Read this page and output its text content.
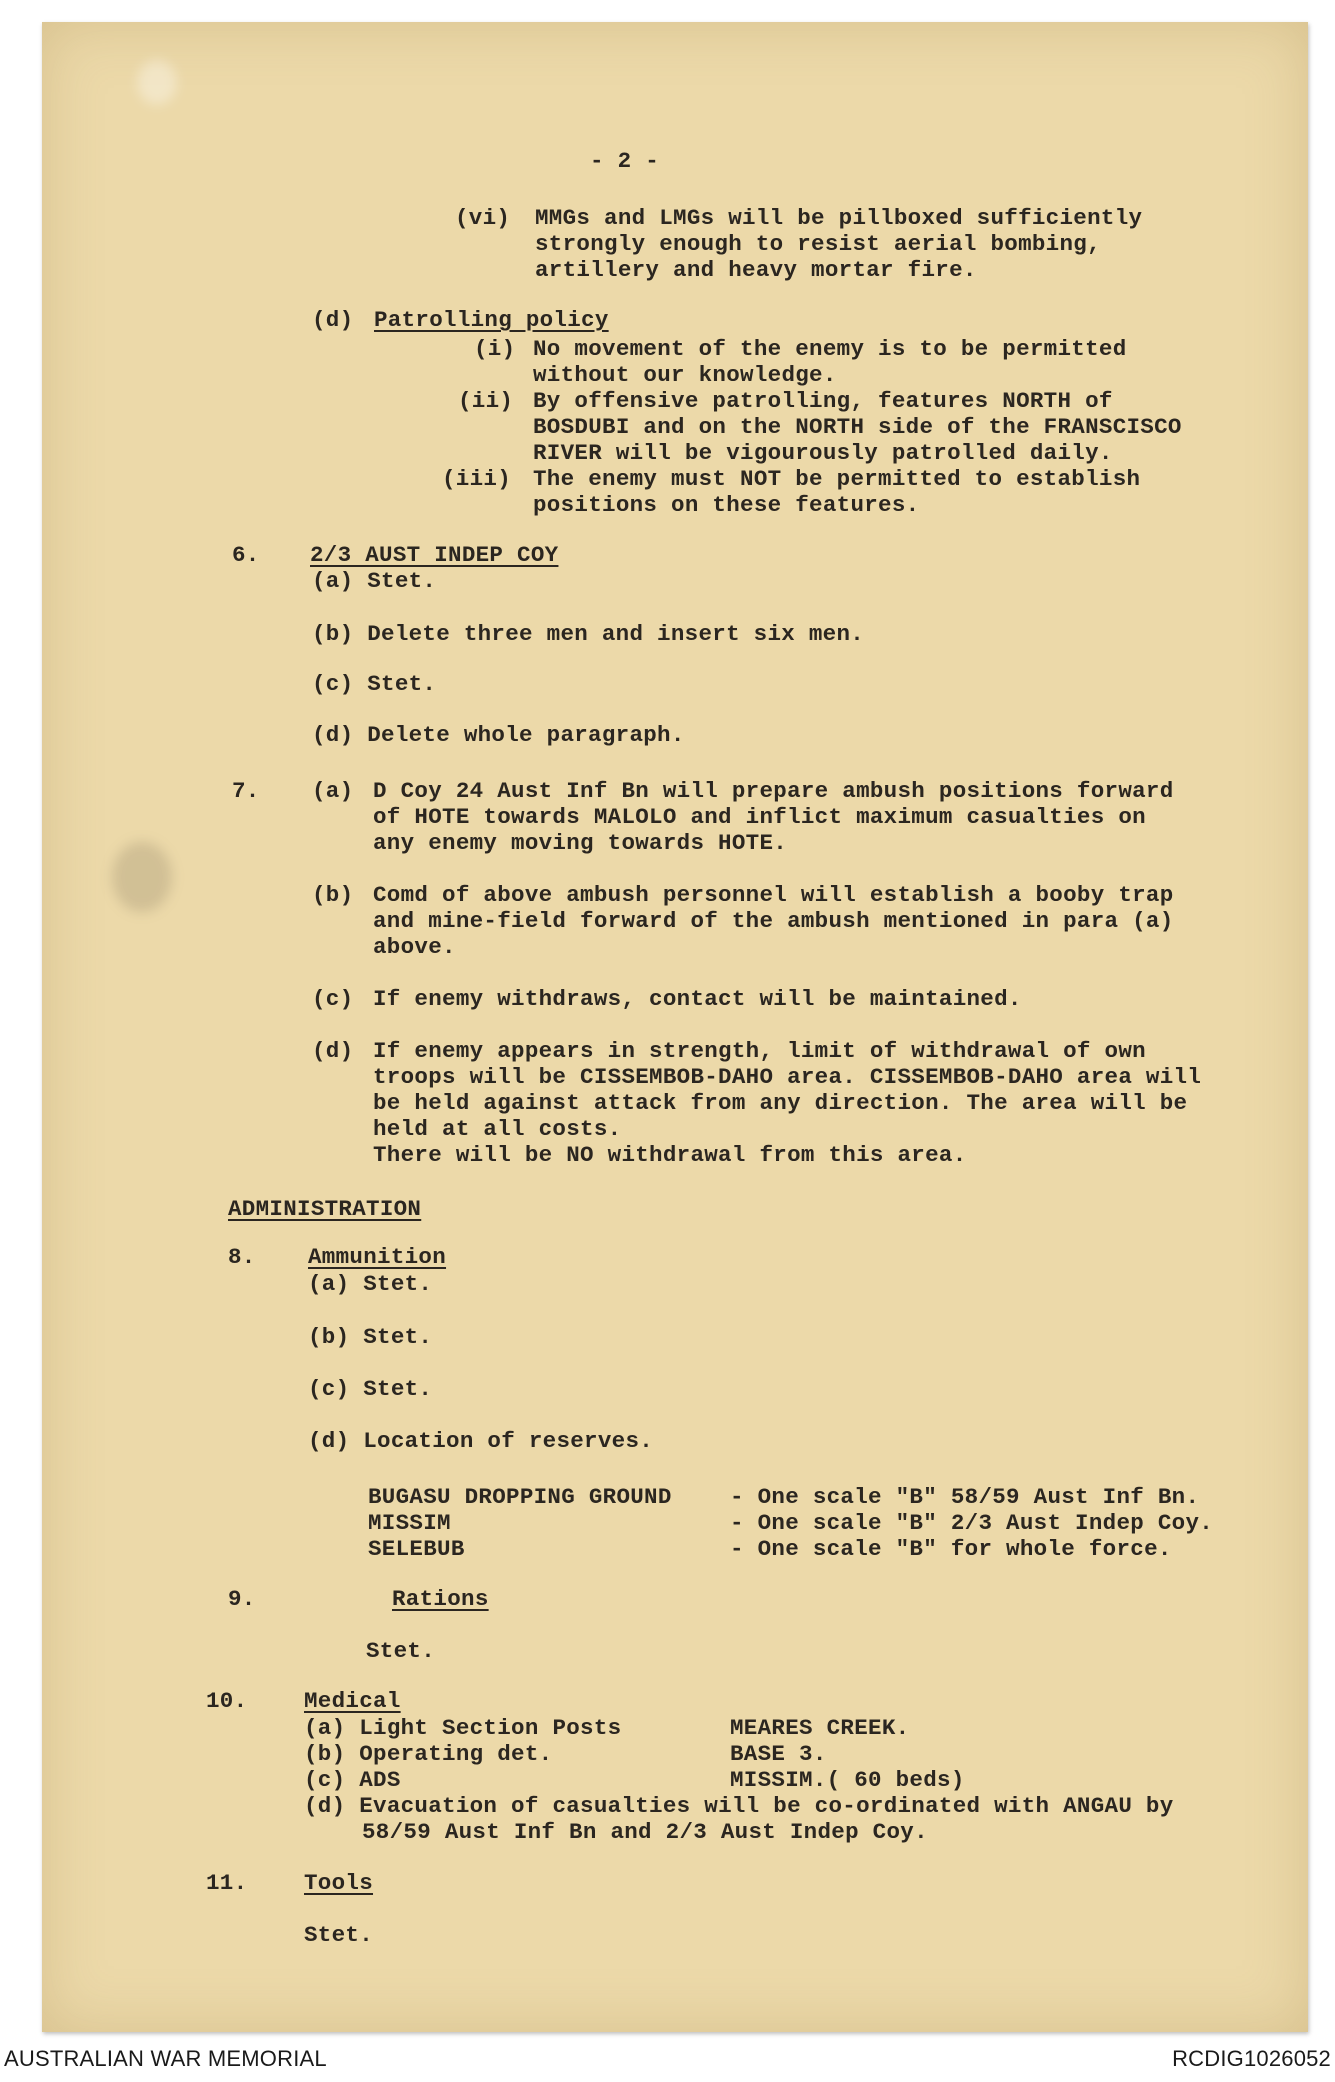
- 2 -
(vi) MMGs and LMGs will be pillboxed sufficiently
strongly enough to resist aerial bombing,
artillery and heavy mortar fire.
(d) Patrolling policy
(i) No movement of the enemy is to be permitted
without our knowledge.
(ii) By offensive patrolling, features NORTH of
BOSDUBI and on the NORTH side of the FRANSCISCO
RIVER will be vigourously patrolled daily.
(iii) The enemy must NOT be permitted to establish
positions on these features.
6. 2/3 AUST INDEP COY
(a) Stet.
(b) Delete three men and insert six men.
(c) Stet.
(d) Delete whole paragraph.
7. (a) D Coy 24 Aust Inf Bn will prepare ambush positions forward
of HOTE towards MALOLO and inflict maximum casualties on
any enemy moving towards HOTE.
(b) Comd of above ambush personnel will establish a booby trap
and mine-field forward of the ambush mentioned in para (a)
above.
(c) If enemy withdraws, contact will be maintained.
(d) If enemy appears in strength, limit of withdrawal of own
troops will be CISSEMBOB-DAHO area. CISSEMBOB-DAHO area will
be held against attack from any direction. The area will be
held at all costs.
There will be NO withdrawal from this area.
ADMINISTRATION
8. Ammunition
(a) Stet.
(b) Stet.
(c) Stet.
(d) Location of reserves.
BUGASU DROPPING GROUND	- One scale "B" 58/59 Aust Inf Bn.
MISSIM	- One scale "B" 2/3 Aust Indep Coy.
SELEBUB	- One scale "B" for whole force.
9.	Rations
Stet.
10.	Medical
(a) Light Section Posts	MEARES CREEK.
(b) Operating det.	BASE 3.
(c) ADS	MISSIM.( 60 beds)
(d) Evacuation of casualties will be co-ordinated with ANGAU by
58/59 Aust Inf Bn and 2/3 Aust Indep Coy.
11.	Tools
Stet.
AUSTRALIAN WAR MEMORIAL	RCDIG1026052
